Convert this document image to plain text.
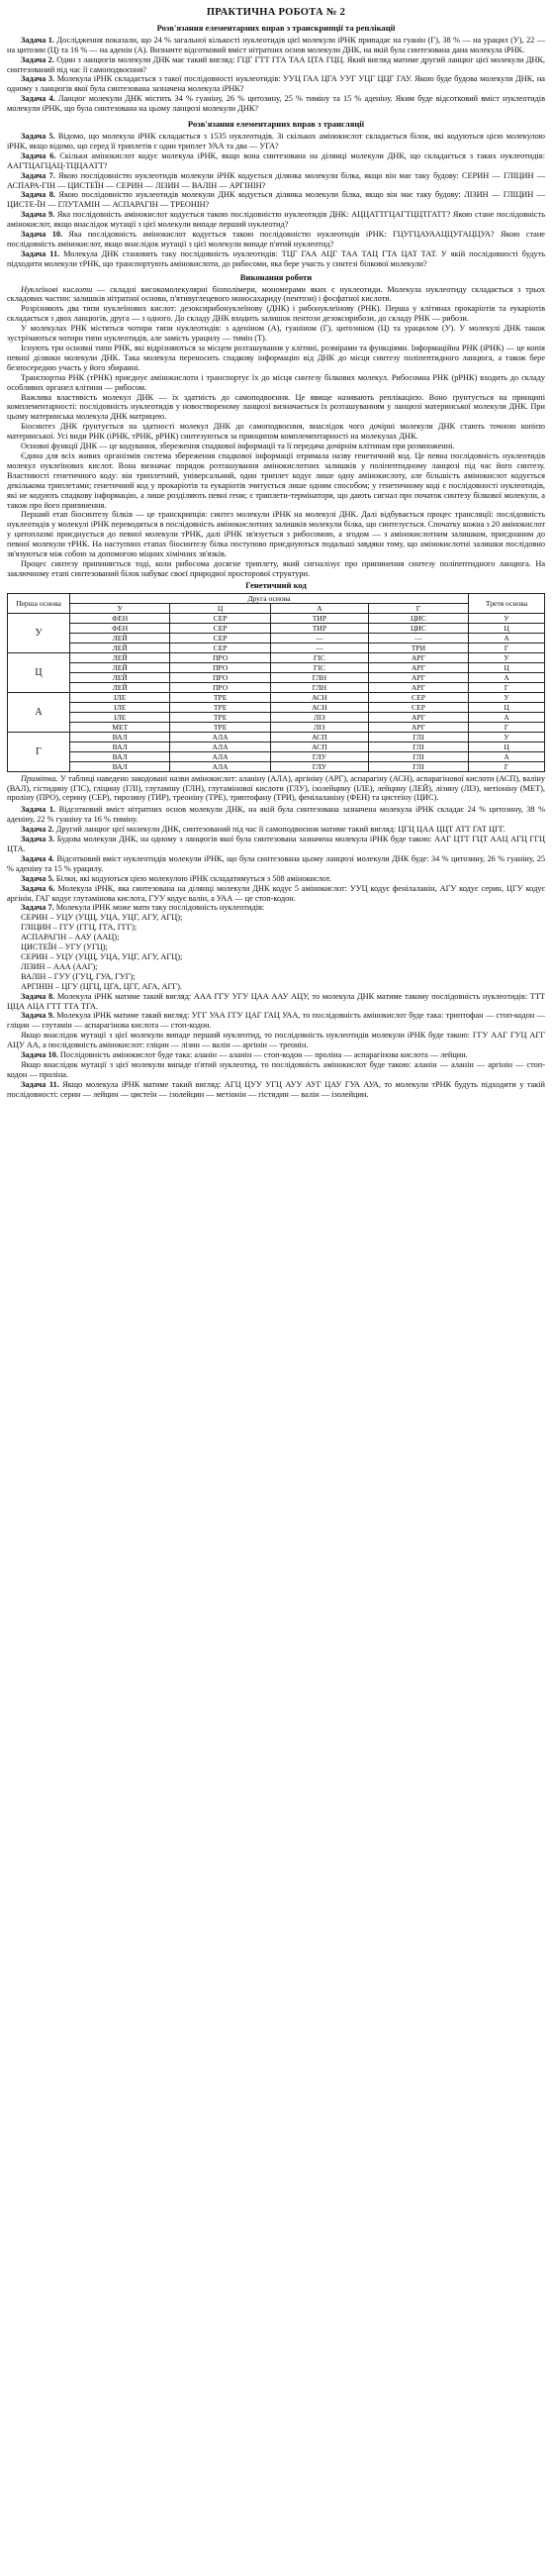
ПРАКТИЧНА РОБОТА № 2
Розв'язання елементарних вправ з транскрипції та реплікації

Задача 1. Дослідження показали, що 24 % загальної кількості нуклеотидів цієї молекули іРНК припадає на гуанін (Г), 38 % — на урацил (У), 22 — на цитозин (Ц) та 16 % — на аденін (А). Визначте відсотковий вміст нітратних основ молекули ДНК, на якій була синтезована дана молекула іРНК.

Задача 2. Один з ланцюгів молекули ДНК має такий вигляд: ГЦГ ГТТ ГГА ТАА ЦТА ГЦЦ. Який вигляд матиме другий ланцюг цієї молекули ДНК, синтезований під час її самоподвоєння?

Задача 3. Молекула іРНК складається з такої послідовності нуклеотидів: УУЦ ГАА ЦГА УУГ УЦГ ЦЦГ ГАУ. Якою буде будова молекули ДНК, на одному з ланцюгів якої була синтезована зазначена молекула іРНК?

Задача 4. Ланцюг молекули ДНК містить 34 % гуаніну, 26 % цитозину, 25 % тиміну та 15 % аденіну. Яким буде відсотковий вміст нуклеотидів молекули іРНК, що була синтезована на цьому ланцюзі молекули ДНК?

Розв'язання елементарних вправ з трансляції

Задача 5. Відомо, що молекула іРНК складається з 1535 нуклеотидів. Зі скількох амінокислот складається білок, які кодуються цією молекулою іРНК, якщо відомо, що серед її триплетів є один триплет УАА та два — УГА?

Задача 6. Скільки амінокислот кодує молекула іРНК, якщо вона синтезована на ділянці молекули ДНК, що складається з таких нуклеотидів: ААГТЦАГЦАЦ-ТЦЦААТТ?

Задача 7. Якою послідовністю нуклеотидів молекули іРНК кодується ділянка молекули білка, якщо він має таку будову: СЕРИН — ГЛІЦИН — АСПАРА-ГІН — ЦИСТЕЇН — СЕРИН — ЛІЗИН — ВАЛІН — АРГІНІН?

Задача 8. Якою послідовністю нуклеотидів молекули ДНК кодується ділянка молекули білка, якщо він має таку будову: ЛІЗИН — ГЛІЦИН — ЦИСТЕ-ЇН — ГЛУТАМІН — АСПАРАГІН — ТРЕОНІН?

Задача 9. Яка послідовність амінокислот кодується такою послідовністю нуклеотидів ДНК: АЦЦАТТГЦАГТЦЦТГАТТ? Якою стане послідовність амінокислот, якщо внаслідок мутації з цієї молекули випаде перший нуклеотид?

Задача 10. Яка послідовність амінокислот кодується такою послідовністю нуклеотидів іРНК: ГЦУГЦАУААЦЦУГАЦЦУА? Якою стане послідовність амінокислот, якщо внаслідок мутації з цієї молекули випаде п'ятий нуклеотид?

Задача 11. Молекула ДНК становить таку послідовність нуклеотидів: ТЦГ ГАА АЦГ ТАА ТАЦ ГТА ЦАТ ТАТ. У якій послідовності будуть підходити молекули тРНК, що транспортують амінокислоти, до рибосоми, яка бере участь у синтезі білкової молекули?

Виконання роботи

Нуклеїнові кислоти — складні високомолекулярні біополімери, мономерами яких є нуклеотиди. Молекула нуклеотиду складається з трьох складових частин: залишків нітратної основи, п'ятивуглецевого моносахариду (пентози) і фосфатної кислоти.

Розрізняють два типи нуклеїнових кислот: дезоксирибонуклеїнову (ДНК) і рибонуклеїнову (РНК). Перша у клітинах прокаріотів та еукаріотів складається з двох ланцюгів, друга — з одного. До складу ДНК входить залишок пентози дезоксирибози, до складу РНК — рибози.

У молекулах РНК містяться чотири типи нуклеотидів: з аденіном (А), гуаніном (Г), цитозином (Ц) та урацилом (У). У молекулі ДНК також зустрічаються чотири типи нуклеотидів, але замість урацилу — тимін (Т).

Існують три основні типи РНК, які відрізняються за місцем розташування у клітині, розмірами та функціями. Інформаційна РНК (іРНК) — це копія певної ділянки молекули ДНК. Така молекула переносить спадкову інформацію від ДНК до місця синтезу поліпептидного ланцюга, а також бере безпосередню участь у його збиранні.

Транспортна РНК (тРНК) приєднує амінокислоти і транспортує їх до місця синтезу білкових молекул. Рибосомна РНК (рРНК) входить до складу особливих органел клітини — рибосом.

Важлива властивість молекул ДНК — їх здатність до самоподвоєння. Це явище називають реплікацією. Воно ґрунтується на принципі комплементарності: послідовність нуклеотидів у новоствореному ланцюзі визначається їх розташуванням у ланцюзі материнської молекули ДНК. При цьому материнська молекула ДНК матрицею.

Біосинтез ДНК ґрунтується на здатності молекул ДНК до самоподвоєння, внаслідок чого дочірні молекули ДНК стають точною копією материнської. Усі види РНК (іРНК, тРНК, рРНК) синтезуються за принципом комплементарності на молекулах ДНК.

Основні функції ДНК — це кодування, збереження спадкової інформації та її передача дочірнім клітинам при розмноженні.

Єдина для всіх живих організмів система збереження спадкової інформації отримала назву генетичний код. Це певна послідовність нуклеотидів молекул нуклеїнових кислот. Вона визначає порядок розташування амінокислотних залишків у поліпептидному ланцюзі під час його синтезу. Властивості генетичного коду: він триплетний, універсальний, один триплет кодує лише одну амінокислоту, але більшість амінокислот кодується декількома триплетами; генетичний код у прокаріотів та еукаріотів зчитується лише одним способом; у генетичному коді є послідовності нуклеотидів, які не кодують спадкову інформацію, а лише розділяють певні гени; є триплети-термінатори, що дають сигнал про початок синтезу білкової молекули, а також про його припинення.

Перший етап біосинтезу білків — це транскрипція: синтез молекули іРНК на молекулі ДНК. Далі відбувається процес трансляції: послідовність нуклеотидів у молекулі іРНК переводиться в послідовність амінокислотних залишків молекули білка, що синтезується. Спочатку кожна з 20 амінокислот у цитоплазмі приєднується до певної молекули тРНК, далі іРНК зв'язується з рибосомою, а згодом — з амінокислотним залишком, приєднаним до певної молекули тРНК. На наступних етапах біосинтезу білка поступово приєднуються подальші завдяки тому, що амінокислотні залишки послідовно зв'язуються між собою за допомогою міцних хімічних зв'язків.

Процес синтезу припиняється тоді, коли рибосома досягне триплету, який сигналізує про припинення синтезу поліпептидного ланцюга. На заключному етапі синтезований білок набуває своєї природної просторової структури.

Генетичний код
Перша основа	Друга основа				Третя основа
	У	Ц	А	Г	
У	ФЕН	СЕР	ТИР	ЦИС	У
	ФЕН	СЕР	ТИР	ЦИС	Ц
	ЛЕЙ	СЕР	—	—	А
	ЛЕЙ	СЕР	—	ТРИ	Г
Ц	ЛЕЙ	ПРО	ГІС	АРГ	У
	ЛЕЙ	ПРО	ГІС	АРГ	Ц
	ЛЕЙ	ПРО	ГЛН	АРГ	А
	ЛЕЙ	ПРО	ГЛН	АРГ	Г
А	ІЛЕ	ТРЕ	АСН	СЕР	У
	ІЛЕ	ТРЕ	АСН	СЕР	Ц
	ІЛЕ	ТРЕ	ЛІЗ	АРГ	А
	МЕТ	ТРЕ	ЛІЗ	АРГ	Г
Г	ВАЛ	АЛА	АСП	ГЛІ	У
	ВАЛ	АЛА	АСП	ГЛІ	Ц
	ВАЛ	АЛА	ГЛУ	ГЛІ	А
	ВАЛ	АЛА	ГЛУ	ГЛІ	Г

Примітка. У таблиці наведено закодовані назви амінокислот: аланіну (АЛА), аргініну (АРГ), аспарагіну (АСН), аспарагінової кислоти (АСП), валіну (ВАЛ), гістидину (ГІС), гліцину (ГЛІ), глутаміну (ГЛН), глутамінової кислоти (ГЛУ), ізолейцину (ІЛЕ), лейцину (ЛЕЙ), лізину (ЛІЗ), метіоніну (МЕТ), проліну (ПРО), серину (СЕР), тирозину (ТИР), треоніну (ТРЕ), триптофану (ТРИ), фенілаланіну (ФЕН) та цистеїну (ЦИС).

Задача 1. Відсотковий вміст нітратних основ молекули ДНК, на якій була синтезована зазначена молекула іРНК складає 24 % цитозину, 38 % аденіну, 22 % гуаніну та 16 % тиміну.

Задача 2. Другий ланцюг цієї молекули ДНК, синтезований під час її самоподвоєння матиме такий вигляд: ЦГЦ ЦАА ЦЦТ АТТ ГАТ ЦГГ.

Задача 3. Будова молекули ДНК, на одному з ланцюгів якої була синтезована зазначена молекула іРНК буде такою: ААГ ЦТТ ГЦТ ААЦ АГЦ ГГЦ ЦТА.

Задача 4. Відсотковий вміст нуклеотидів молекули іРНК, що була синтезована цьому ланцюзі молекули ДНК буде: 34 % цитозину, 26 % гуаніну, 25 % аденіну та 15 % урацилу.

Задача 5. Білки, які кодуються цією молекулою іРНК складатимуться з 508 амінокислот.

Задача 6. Молекула іРНК, яка синтезована на ділянці молекули ДНК кодує 5 амінокислот: УУЦ кодує фенілаланін, АГУ кодує серин, ЦГУ кодує аргінін, ГАГ кодує глутамінова кислота, ГУУ кодує валін, а УАА — це стоп-кодон.

Задача 7. Молекула іРНК може мати таку послідовність нуклеотидів:

СЕРИН – УЦУ (УЦЦ, УЦА, УЦГ, АГУ, АГЦ);

ГЛІЦИН – ГГУ (ГГЦ, ГГА, ГГГ);

АСПАРАГІН – ААУ (ААЦ);

ЦИСТЕЇН – УГУ (УГЦ);

СЕРИН – УЦУ (УЦЦ, УЦА, УЦГ, АГУ, АГЦ);

ЛІЗИН – ААА (ААГ);

ВАЛІН – ГУУ (ГУЦ, ГУА, ГУГ);

АРГІНІН – ЦГУ (ЦГЦ, ЦГА, ЦГГ, АГА, АГГ).

Задача 8. Молекула іРНК матиме такий вигляд: ААА ГГУ УГУ ЦАА ААУ АЦУ, то молекула ДНК матиме такому послідовність нуклеотидів: ТТТ ЦЦА АЦА ГТТ ТТА ТГА.

Задача 9. Молекула іРНК матиме такий вигляд: УГГ УАА ГГУ ЦАГ ГАЦ УАА, то послідовність амінокислот буде така: триптофан — стоп-кодон — гліцин — глутамін — аспарагінова кислота — стоп-кодон.

Якщо внаслідок мутації з цієї молекули випаде перший нуклеотид, то послідовність нуклеотидів молекули іРНК буде такою: ГГУ ААГ ГУЦ АГГ АЦУ АА, а послідовність амінокислот: гліцин — лізин — валін — аргінін — треонін.

Задача 10. Послідовність амінокислот буде така: аланін — аланін — стоп-кодон — проліна — аспарагінова кислота — лейцин.

Якщо внаслідок мутації з цієї молекули випаде п'ятий нуклеотид, то послідовність амінокислот буде такою: аланін — аланін — аргінін — стоп-кодон — проліна.

Задача 11. Якщо молекула іРНК матиме такий вигляд: АГЦ ЦУУ УГЦ АУУ АУГ ЦАУ ГУА АУА, то молекули тРНК будуть підходити у такій послідовності: серин — лейцин — цистеїн — ізолейцин — метіонін — гістидин — валін — ізолейцин.
